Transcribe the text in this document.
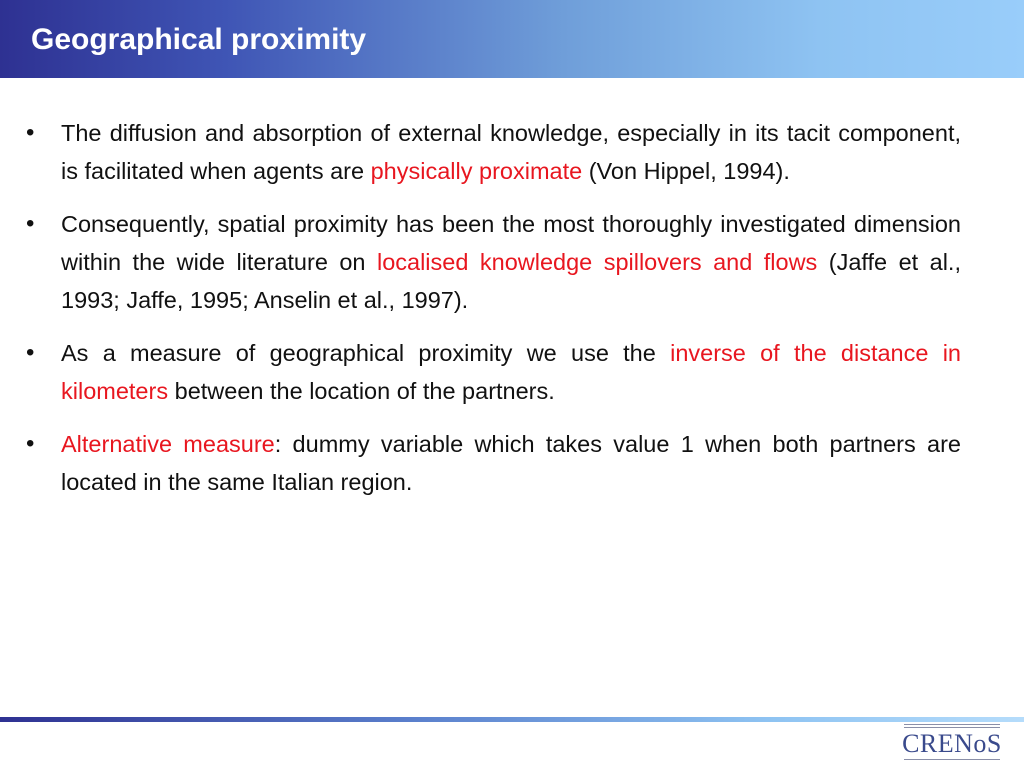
Geographical proximity
• The diffusion and absorption of external knowledge, especially in its tacit component, is facilitated when agents are physically proximate (Von Hippel, 1994).
• Consequently, spatial proximity has been the most thoroughly investigated dimension within the wide literature on localised knowledge spillovers and flows (Jaffe et al., 1993; Jaffe, 1995; Anselin et al., 1997).
• As a measure of geographical proximity we use the inverse of the distance in kilometers between the location of the partners.
• Alternative measure: dummy variable which takes value 1 when both partners are located in the same Italian region.
CRENoS
